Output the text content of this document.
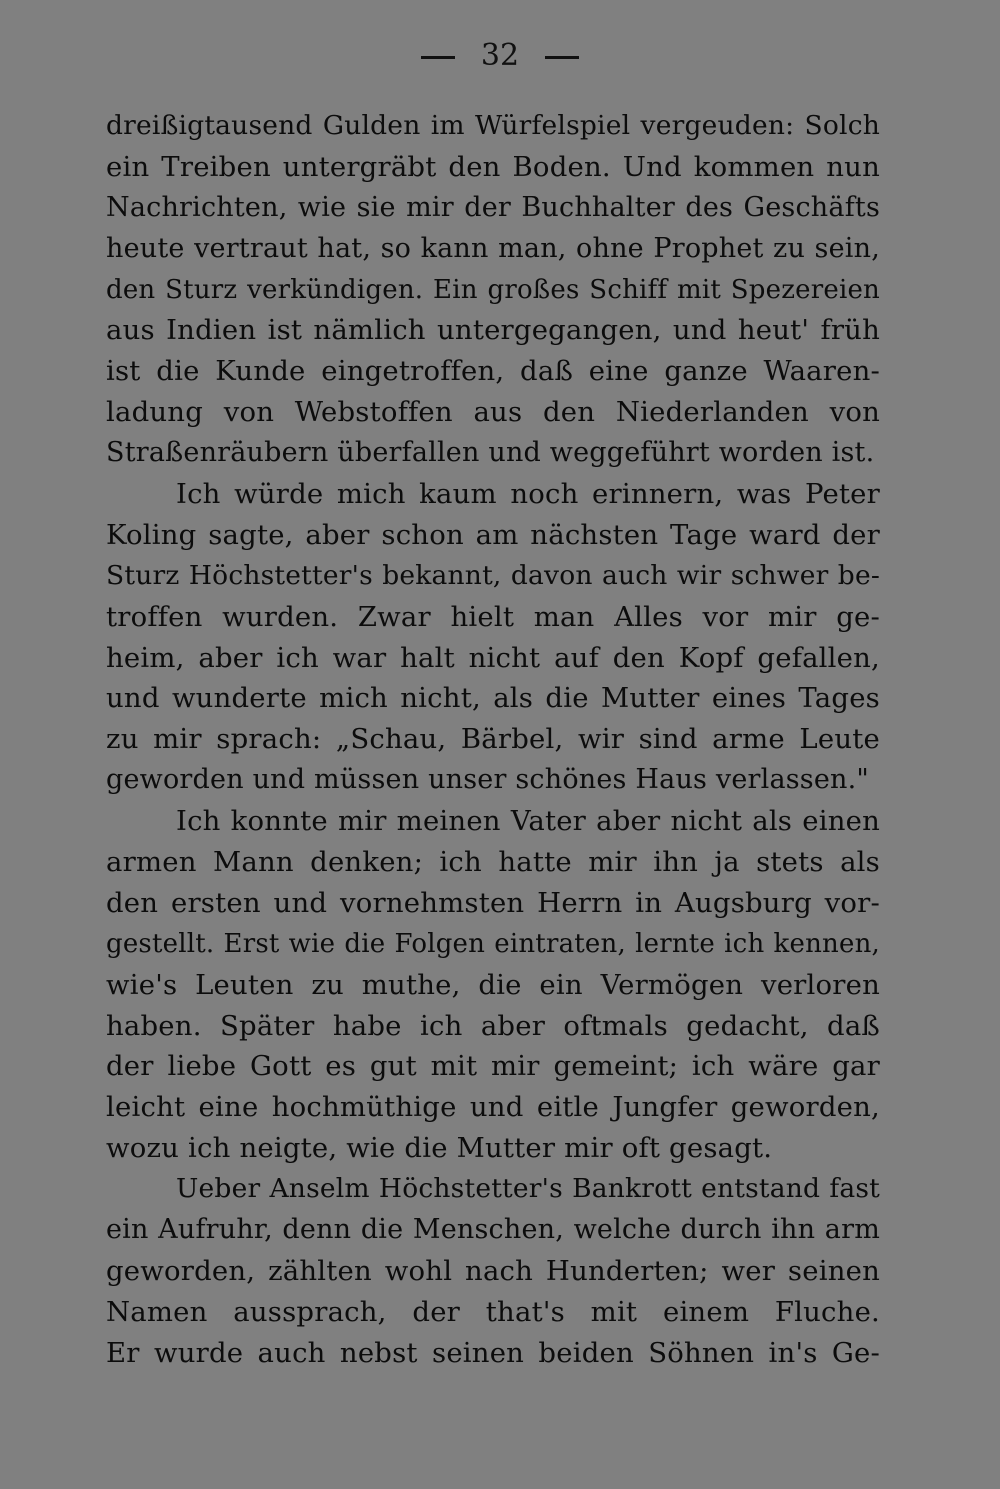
32
dreißigtausend Gulden im Würfelspiel vergeuden: Solch
ein Treiben untergräbt den Boden. Und kommen nun
Nachrichten, wie sie mir der Buchhalter des Geschäfts
heute vertraut hat, so kann man, ohne Prophet zu sein,
den Sturz verkündigen. Ein großes Schiff mit Spezereien
aus Indien ist nämlich untergegangen, und heut' früh
ist die Kunde eingetroffen, daß eine ganze Waaren-
ladung von Webstoffen aus den Niederlanden von
Straßenräubern überfallen und weggeführt worden ist.
Ich würde mich kaum noch erinnern, was Peter
Koling sagte, aber schon am nächsten Tage ward der
Sturz Höchstetter's bekannt, davon auch wir schwer be-
troffen wurden. Zwar hielt man Alles vor mir ge-
heim, aber ich war halt nicht auf den Kopf gefallen,
und wunderte mich nicht, als die Mutter eines Tages
zu mir sprach: „Schau, Bärbel, wir sind arme Leute
geworden und müssen unser schönes Haus verlassen."
Ich konnte mir meinen Vater aber nicht als einen
armen Mann denken; ich hatte mir ihn ja stets als
den ersten und vornehmsten Herrn in Augsburg vor-
gestellt. Erst wie die Folgen eintraten, lernte ich kennen,
wie's Leuten zu muthe, die ein Vermögen verloren
haben. Später habe ich aber oftmals gedacht, daß
der liebe Gott es gut mit mir gemeint; ich wäre gar
leicht eine hochmüthige und eitle Jungfer geworden,
wozu ich neigte, wie die Mutter mir oft gesagt.
Ueber Anselm Höchstetter's Bankrott entstand fast
ein Aufruhr, denn die Menschen, welche durch ihn arm
geworden, zählten wohl nach Hunderten; wer seinen
Namen aussprach, der that's mit einem Fluche.
Er wurde auch nebst seinen beiden Söhnen in's Ge-
